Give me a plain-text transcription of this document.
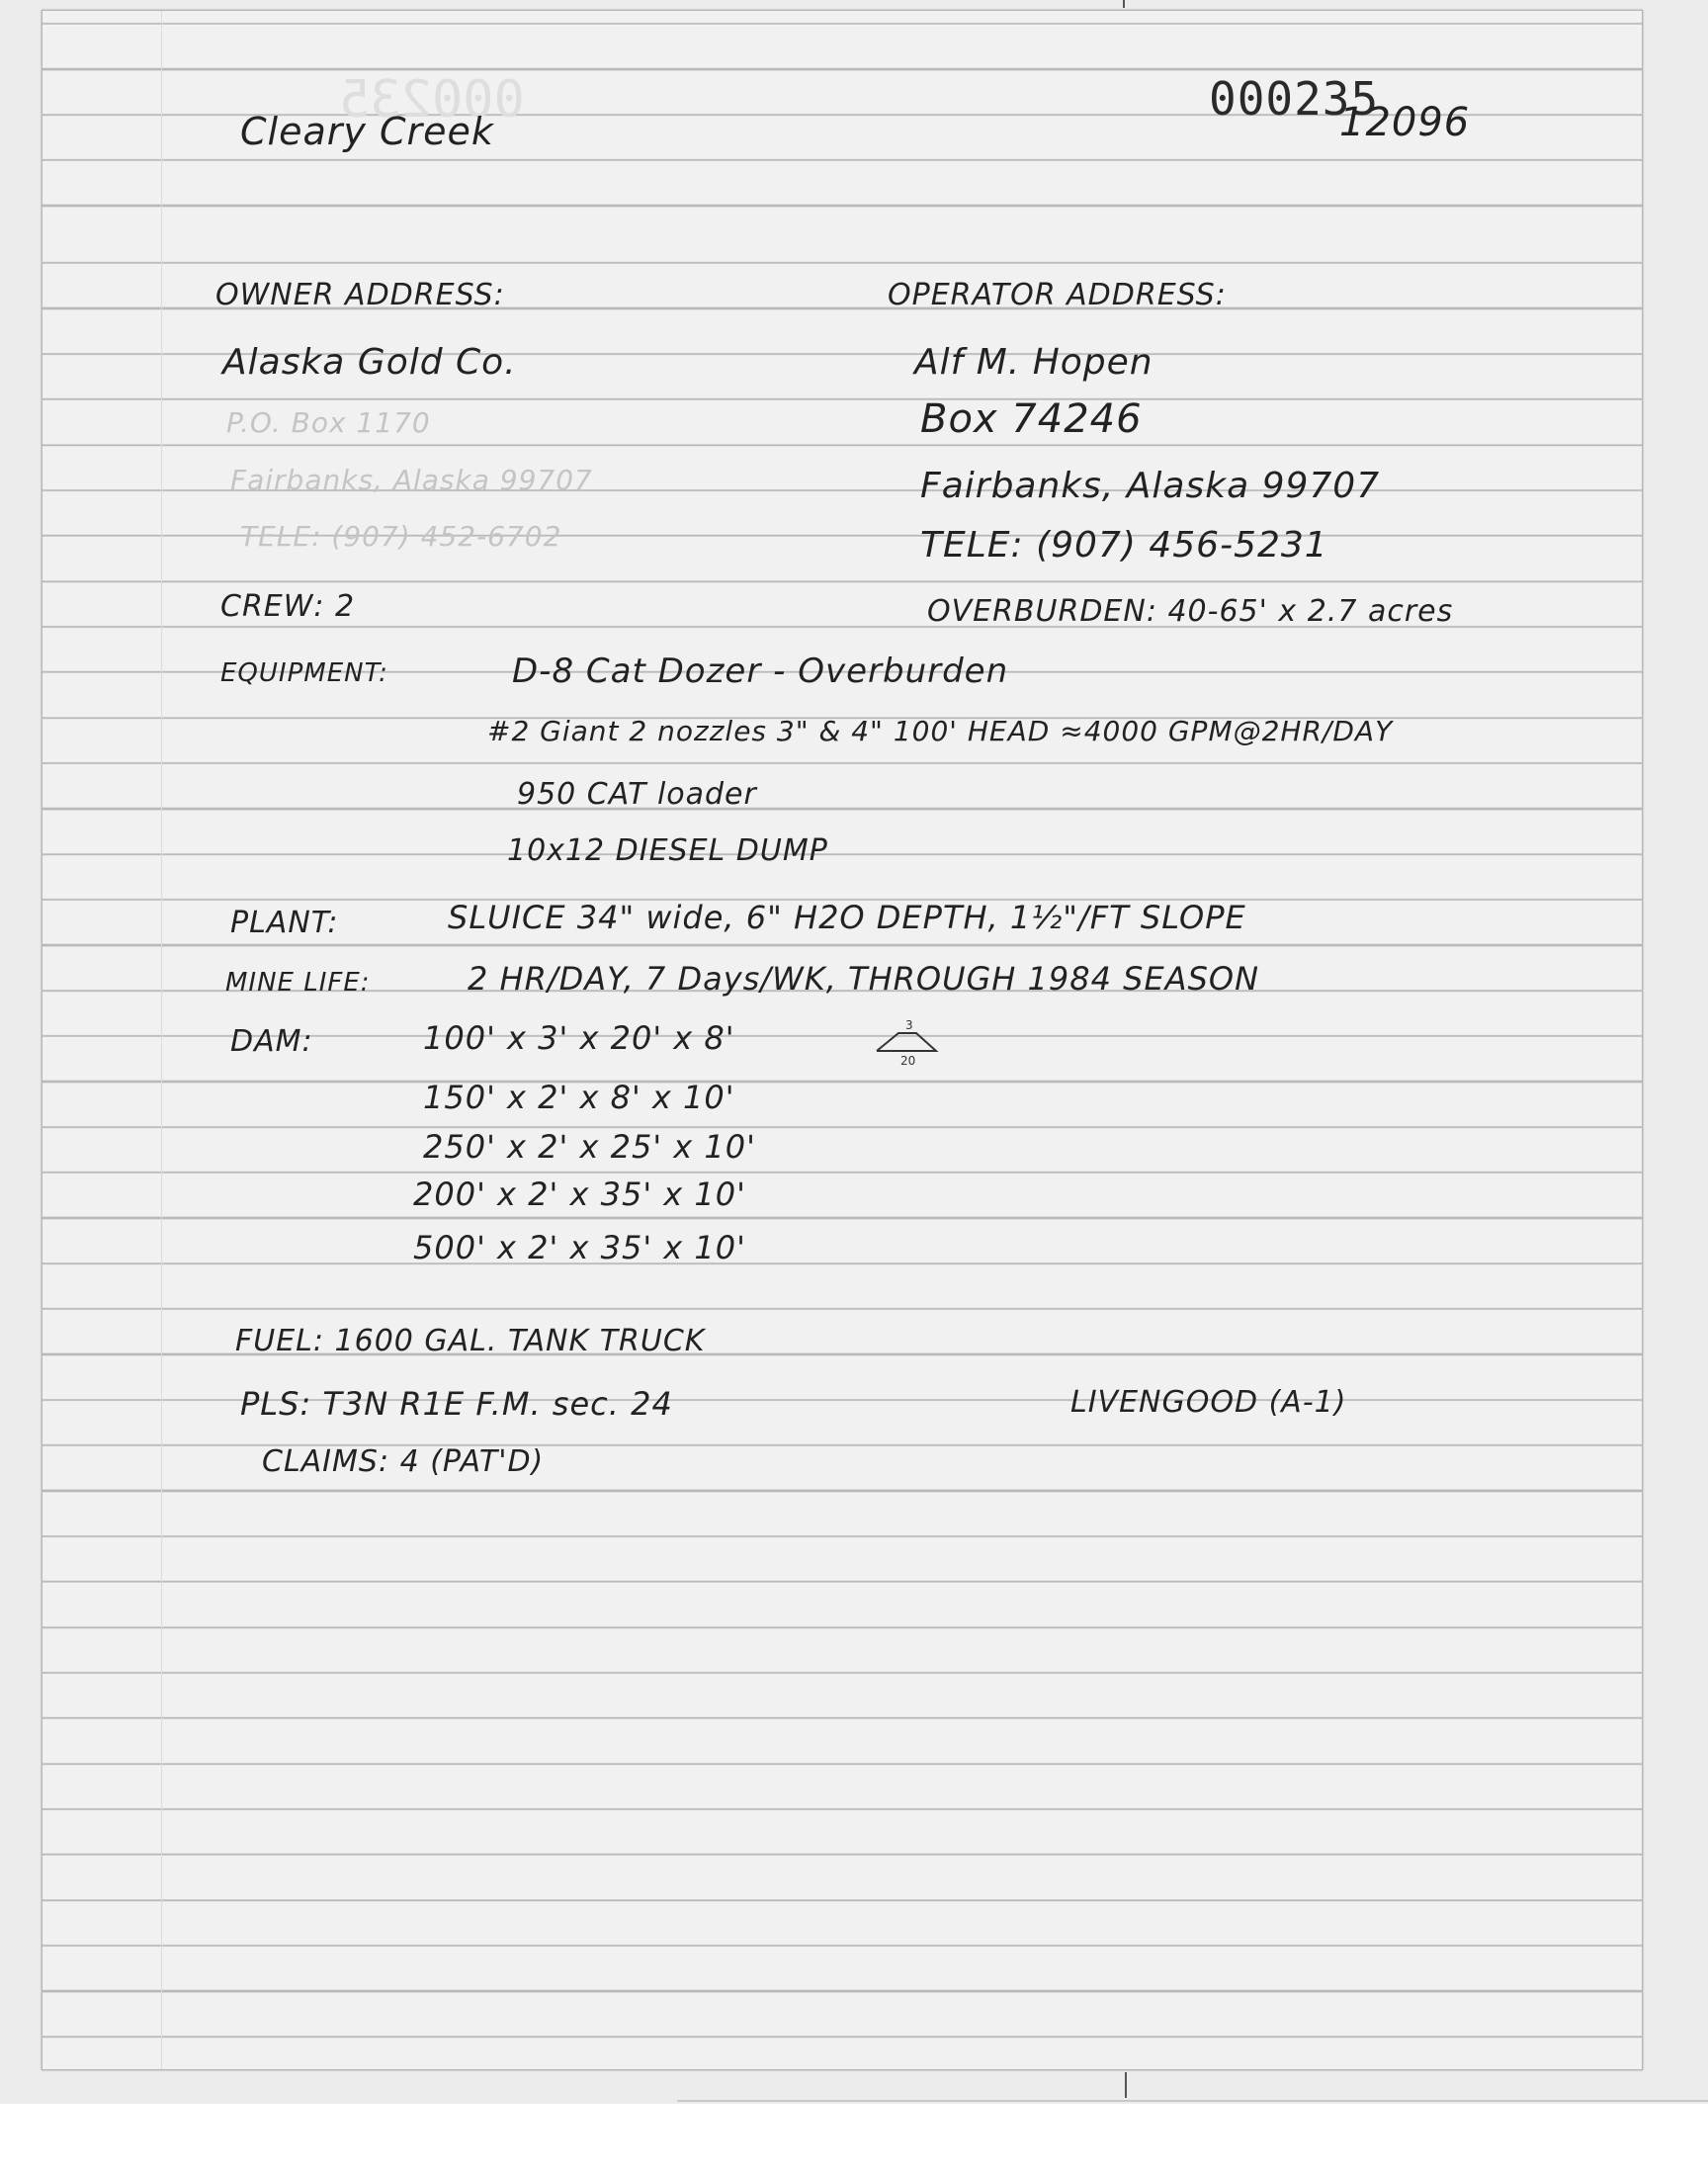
000235
Cleary Creek
000235
12096
OWNER ADDRESS:
Alaska Gold Co.
P.O. Box 1170
Fairbanks, Alaska 99707
TELE: (907) 452-6702
OPERATOR ADDRESS:
Alf M. Hopen
Box 74246
Fairbanks, Alaska 99707
TELE: (907) 456-5231
OVERBURDEN: 40-65' x 2.7 acres
CREW: 2
EQUIPMENT:	D-8 Cat Dozer - Overburden
#2 Giant 2 nozzles 3" & 4" 100' HEAD ≈4000 GPM@2HR/DAY
950 CAT loader
10x12 DIESEL DUMP
PLANT:	SLUICE 34" wide, 6" H2O DEPTH, 1½"/FT SLOPE
MINE LIFE:	2 HR/DAY, 7 Days/WK, THROUGH 1984 SEASON
DAM:	100' x 3' x 20' x 8'
150' x 2' x 8' x 10'
250' x 2' x 25' x 10'
200' x 2' x 35' x 10'
500' x 2' x 35' x 10'
3
20
FUEL: 1600 GAL. TANK TRUCK
PLS: T3N R1E F.M. sec. 24	LIVENGOOD (A-1)
CLAIMS: 4 (PAT'D)
